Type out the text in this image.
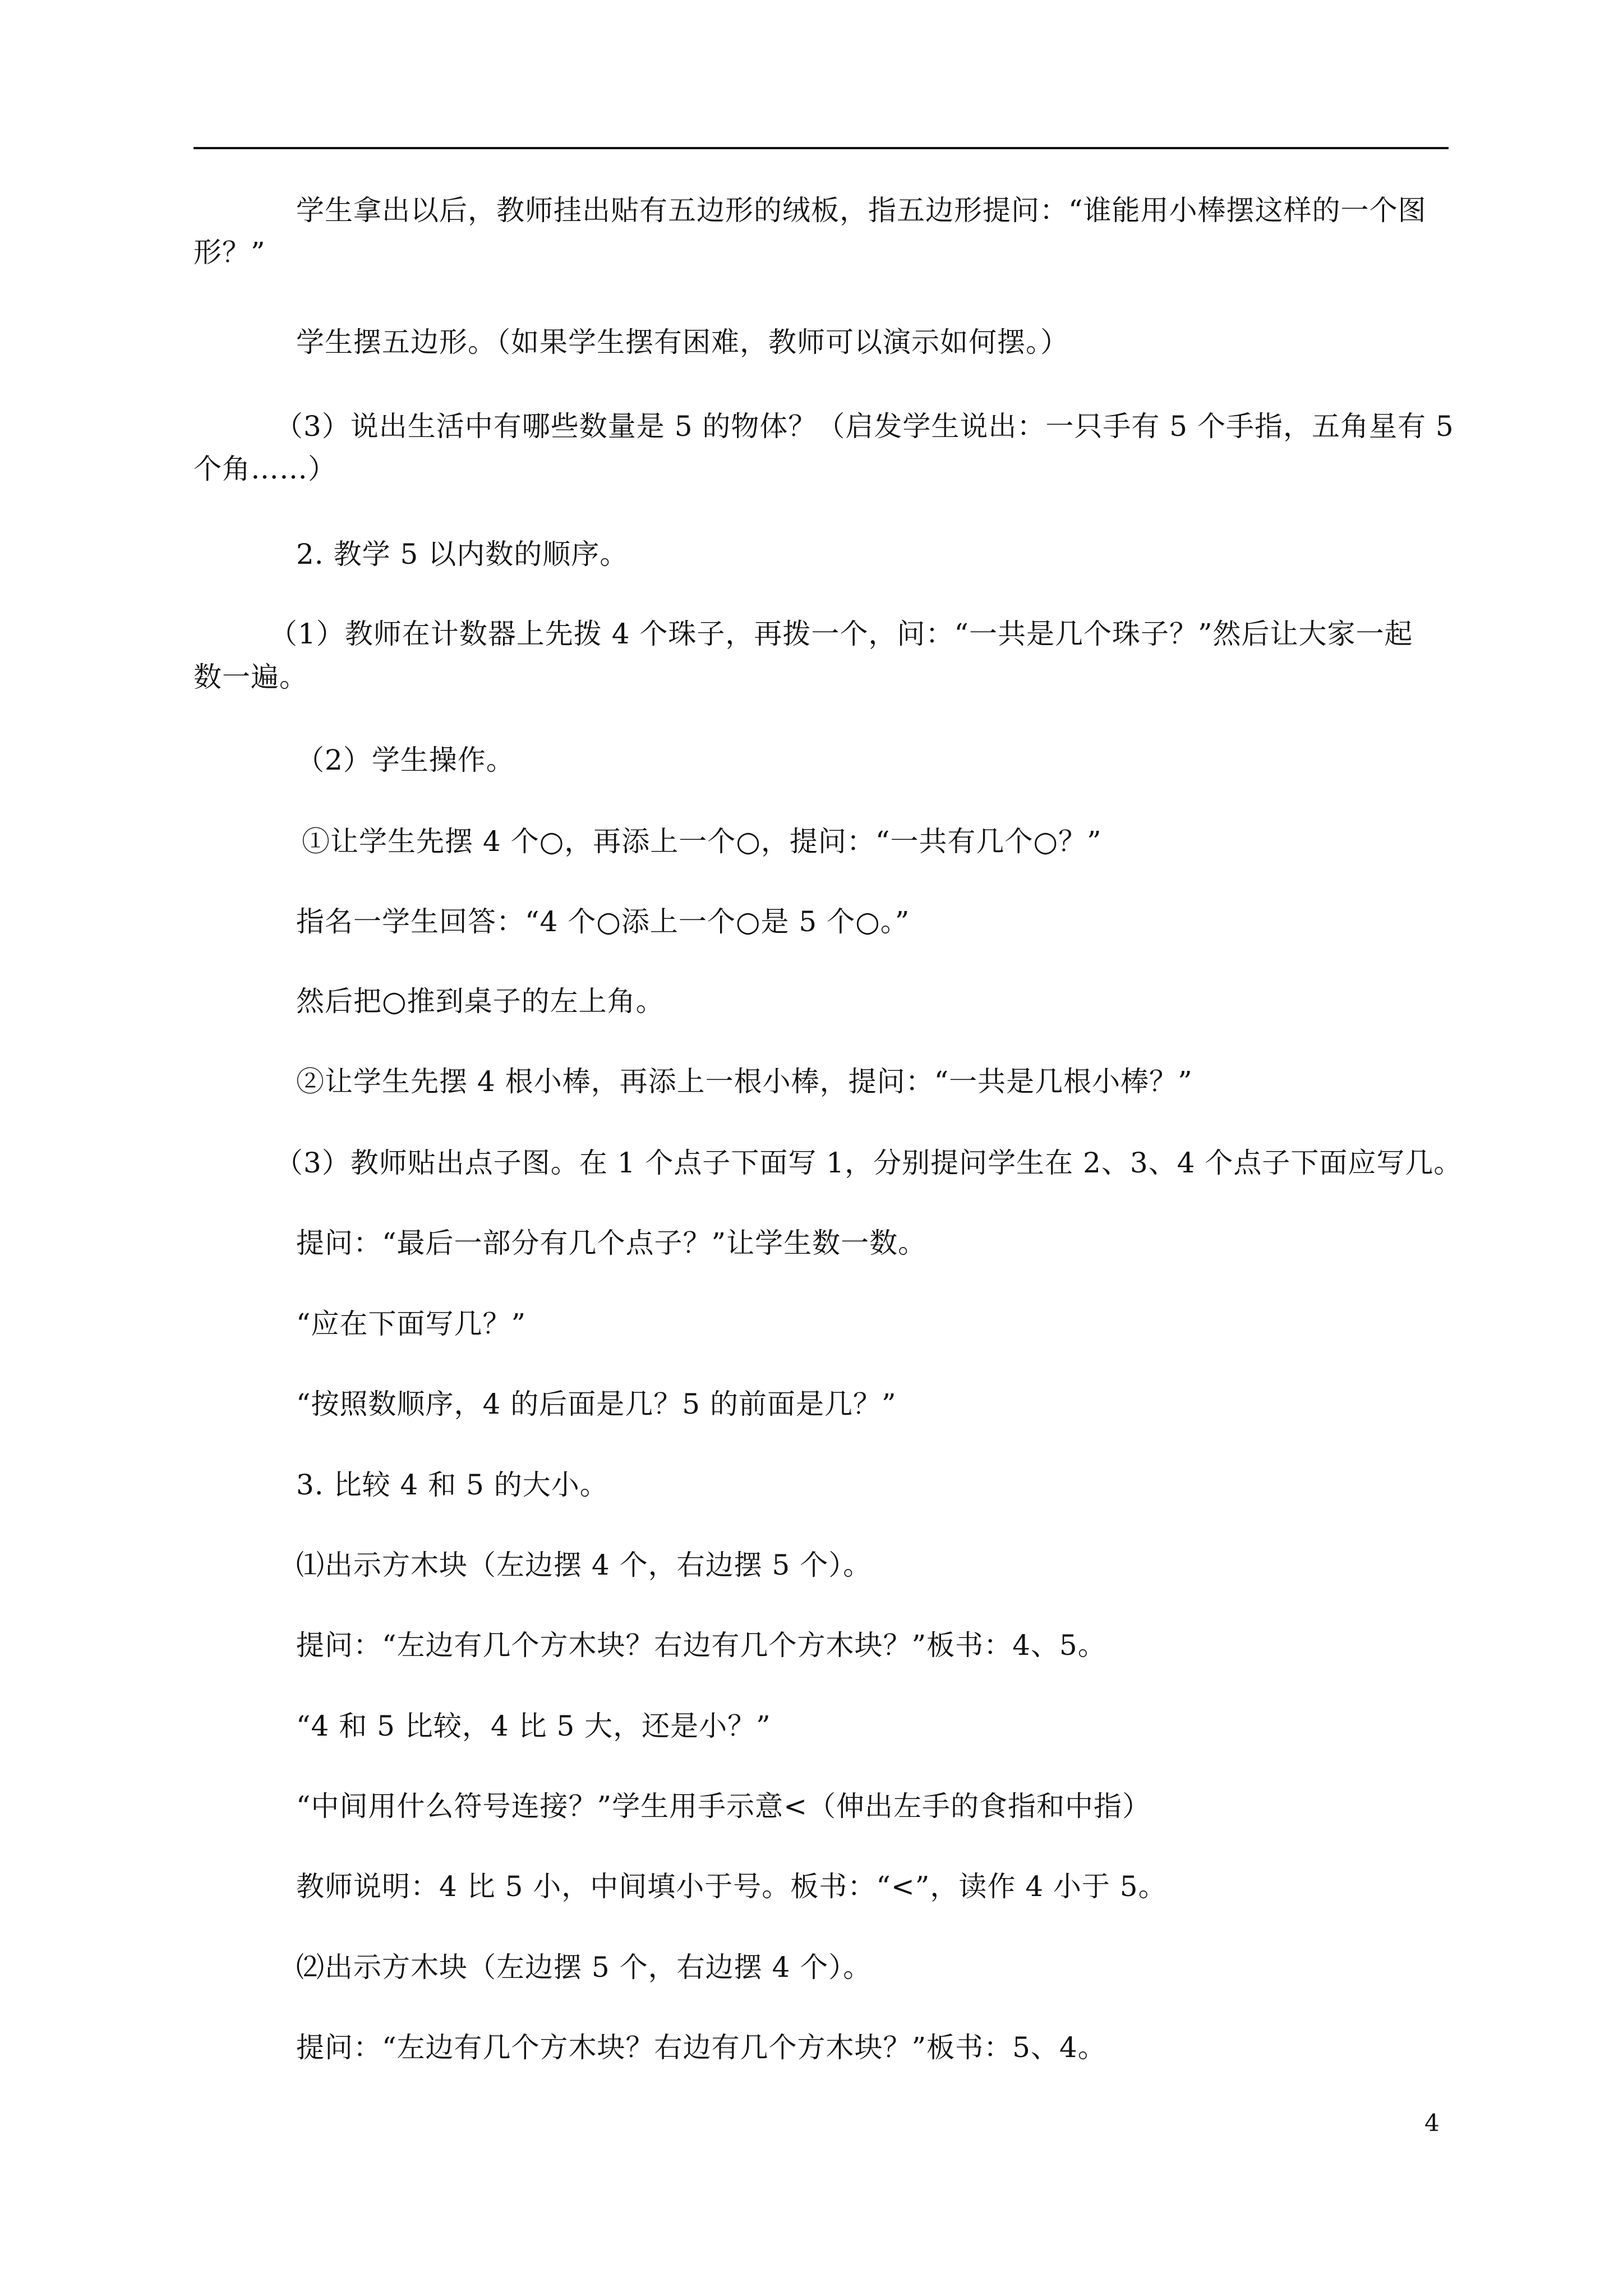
学生拿出以后，教师挂出贴有五边形的绒板，指五边形提问：“谁能用小棒摆这样的一个图
形？”
学生摆五边形。（如果学生摆有困难，教师可以演示如何摆。）
（3）说出生活中有哪些数量是 5 的物体？（启发学生说出：一只手有 5 个手指，五角星有 5
个角……）
2. 教学 5 以内数的顺序。
（1）教师在计数器上先拨 4 个珠子，再拨一个，问：“一共是几个珠子？”然后让大家一起
数一遍。
（2）学生操作。
①让学生先摆 4 个○，再添上一个○，提问：“一共有几个○？”
指名一学生回答：“4 个○添上一个○是 5 个○。”
然后把○推到桌子的左上角。
②让学生先摆 4 根小棒，再添上一根小棒，提问：“一共是几根小棒？”
（3）教师贴出点子图。在 1 个点子下面写 1，分别提问学生在 2、3、4 个点子下面应写几。
提问：“最后一部分有几个点子？”让学生数一数。
“应在下面写几？”
“按照数顺序，4 的后面是几？5 的前面是几？”
3. 比较 4 和 5 的大小。
⑴出示方木块（左边摆 4 个，右边摆 5 个）。
提问：“左边有几个方木块？右边有几个方木块？”板书：4、5。
“4 和 5 比较，4 比 5 大，还是小？”
“中间用什么符号连接？”学生用手示意<（伸出左手的食指和中指）
教师说明：4 比 5 小，中间填小于号。板书：“<”，读作 4 小于 5。
⑵出示方木块（左边摆 5 个，右边摆 4 个）。
提问：“左边有几个方木块？右边有几个方木块？”板书：5、4。
4
